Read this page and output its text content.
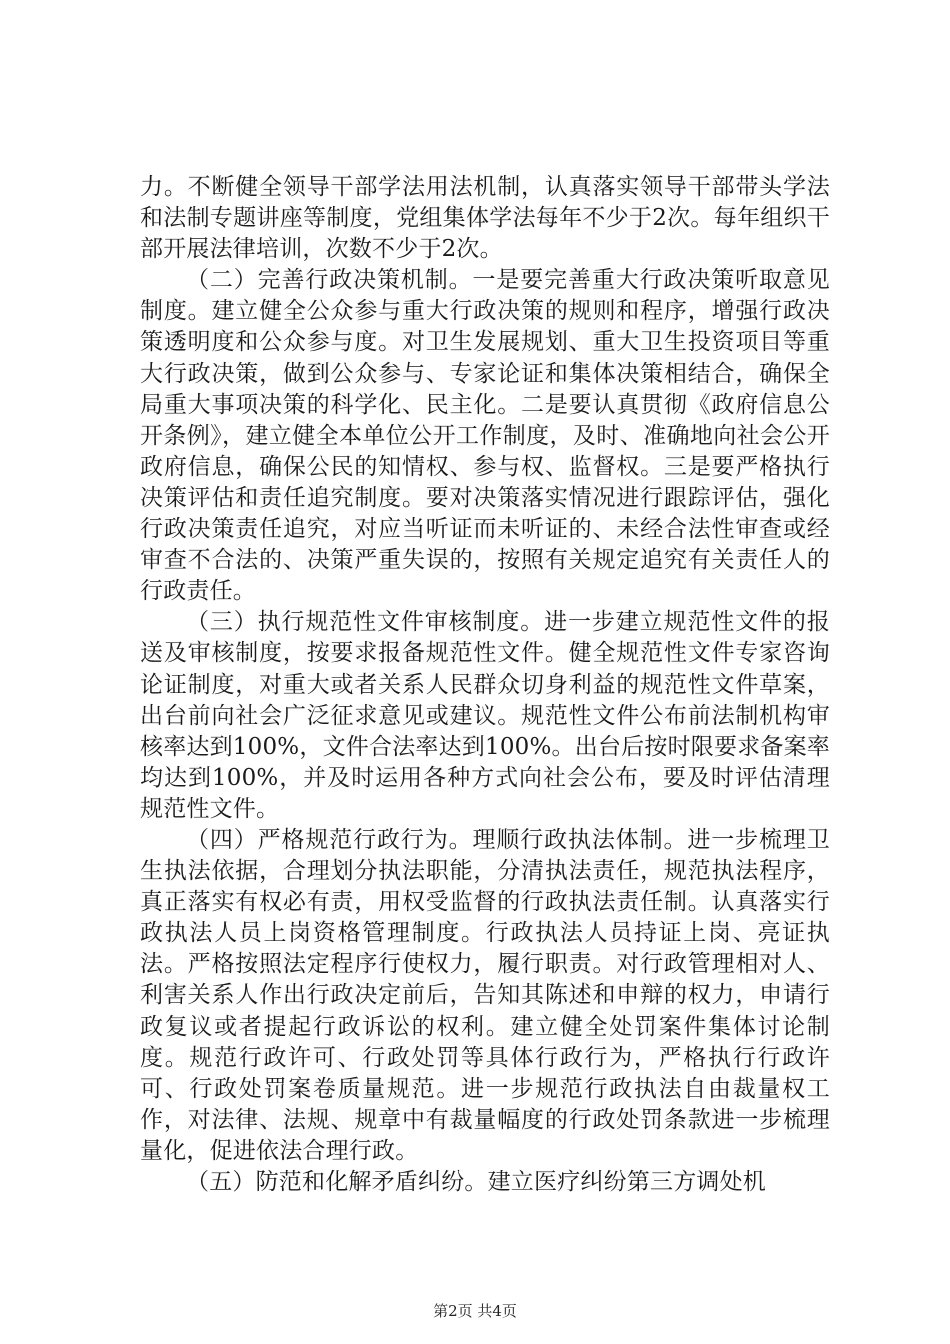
力。不断健全领导干部学法用法机制，认真落实领导干部带头学法和法制专题讲座等制度，党组集体学法每年不少于2次。每年组织干部开展法律培训，次数不少于2次。

（二）完善行政决策机制。一是要完善重大行政决策听取意见制度。建立健全公众参与重大行政决策的规则和程序，增强行政决策透明度和公众参与度。对卫生发展规划、重大卫生投资项目等重大行政决策，做到公众参与、专家论证和集体决策相结合，确保全局重大事项决策的科学化、民主化。二是要认真贯彻《政府信息公开条例》，建立健全本单位公开工作制度，及时、准确地向社会公开政府信息，确保公民的知情权、参与权、监督权。三是要严格执行决策评估和责任追究制度。要对决策落实情况进行跟踪评估，强化行政决策责任追究，对应当听证而未听证的、未经合法性审查或经审查不合法的、决策严重失误的，按照有关规定追究有关责任人的行政责任。

（三）执行规范性文件审核制度。进一步建立规范性文件的报送及审核制度，按要求报备规范性文件。健全规范性文件专家咨询论证制度，对重大或者关系人民群众切身利益的规范性文件草案，出台前向社会广泛征求意见或建议。规范性文件公布前法制机构审核率达到100%，文件合法率达到100%。出台后按时限要求备案率均达到100%，并及时运用各种方式向社会公布，要及时评估清理规范性文件。

（四）严格规范行政行为。理顺行政执法体制。进一步梳理卫生执法依据，合理划分执法职能，分清执法责任，规范执法程序，真正落实有权必有责，用权受监督的行政执法责任制。认真落实行政执法人员上岗资格管理制度。行政执法人员持证上岗、亮证执法。严格按照法定程序行使权力，履行职责。对行政管理相对人、利害关系人作出行政决定前后，告知其陈述和申辩的权力，申请行政复议或者提起行政诉讼的权利。建立健全处罚案件集体讨论制度。规范行政许可、行政处罚等具体行政行为，严格执行行政许可、行政处罚案卷质量规范。进一步规范行政执法自由裁量权工作，对法律、法规、规章中有裁量幅度的行政处罚条款进一步梳理量化，促进依法合理行政。

（五）防范和化解矛盾纠纷。建立医疗纠纷第三方调处机

第2页 共4页
